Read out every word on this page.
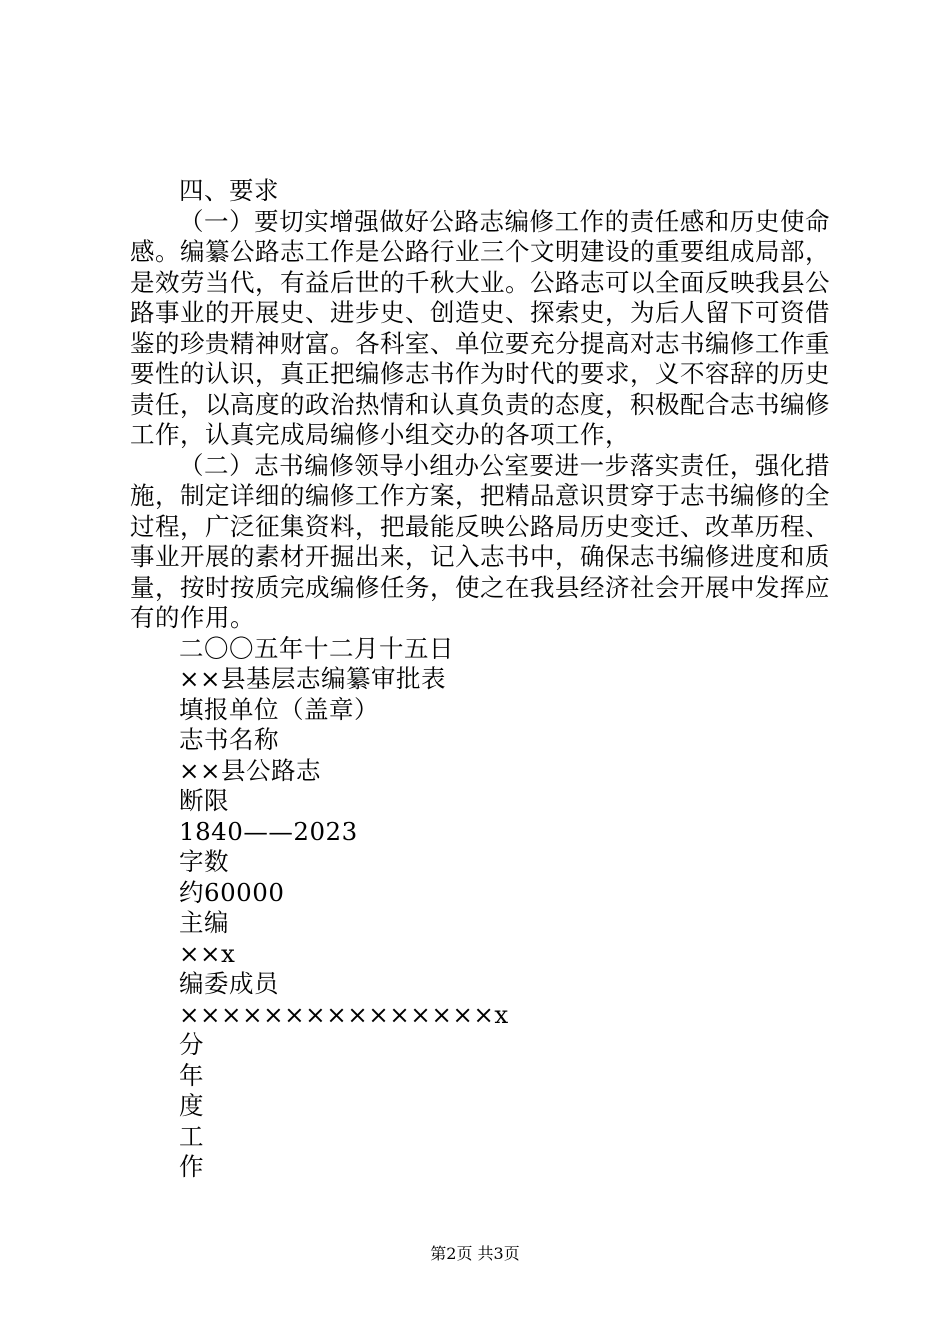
四、要求

（一）要切实增强做好公路志编修工作的责任感和历史使命感。编纂公路志工作是公路行业三个文明建设的重要组成局部，是效劳当代，有益后世的千秋大业。公路志可以全面反映我县公路事业的开展史、进步史、创造史、探索史，为后人留下可资借鉴的珍贵精神财富。各科室、单位要充分提高对志书编修工作重要性的认识，真正把编修志书作为时代的要求，义不容辞的历史责任，以高度的政治热情和认真负责的态度，积极配合志书编修工作，认真完成局编修小组交办的各项工作，

（二）志书编修领导小组办公室要进一步落实责任，强化措施，制定详细的编修工作方案，把精品意识贯穿于志书编修的全过程，广泛征集资料，把最能反映公路局历史变迁、改革历程、事业开展的素材开掘出来，记入志书中，确保志书编修进度和质量，按时按质完成编修任务，使之在我县经济社会开展中发挥应有的作用。

二〇〇五年十二月十五日
××县基层志编纂审批表
填报单位（盖章）
志书名称
××县公路志
断限
1840——2023
字数
约60000
主编
××x
编委成员
×××××××××××××××x
分
年
度
工
作
第2页 共3页
